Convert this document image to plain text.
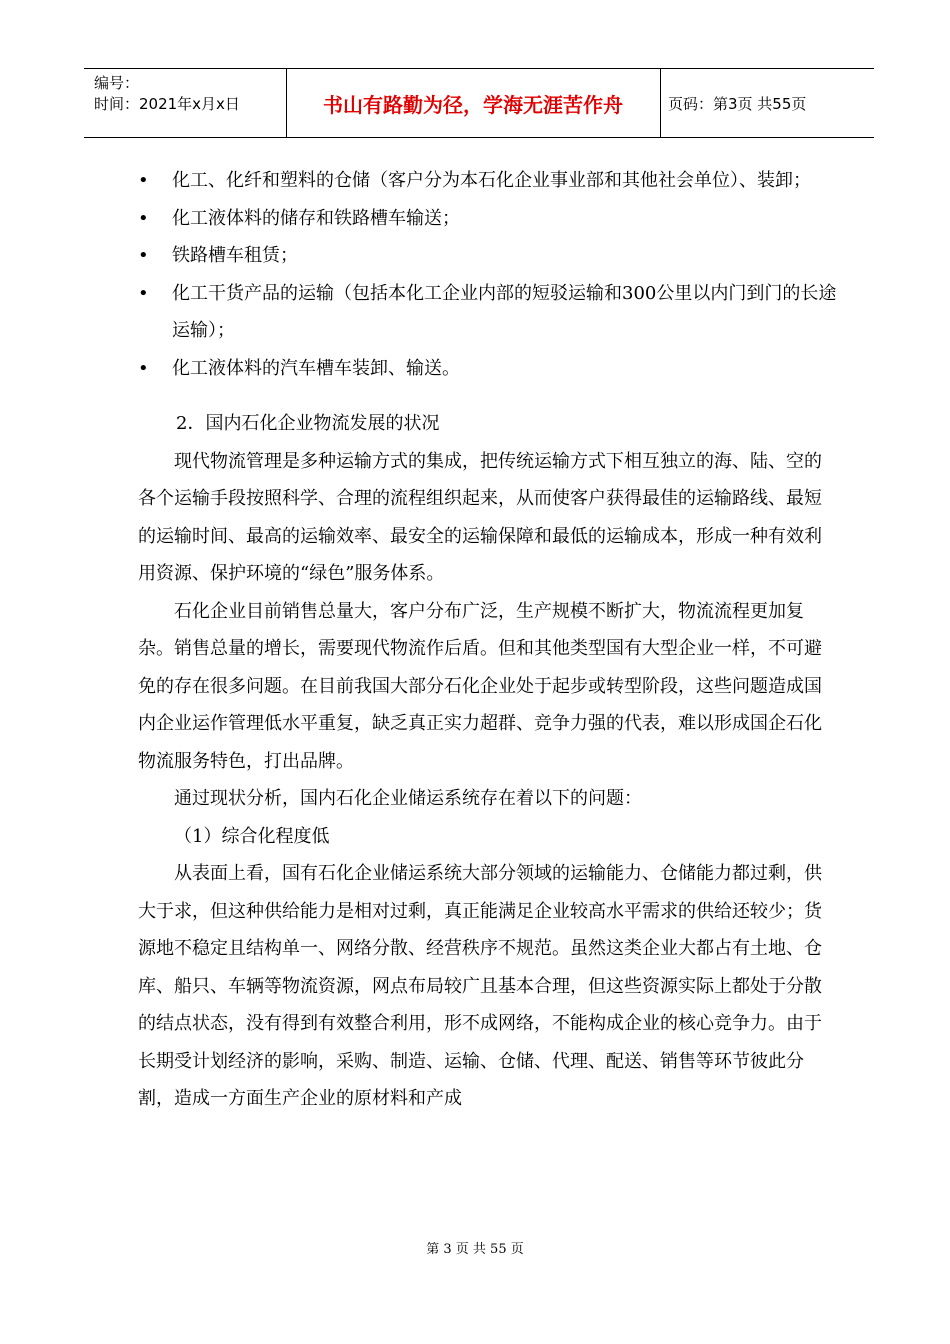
编号：
时间：2021年x月x日	书山有路勤为径，学海无涯苦作舟	页码：第3页 共55页

• 化工、化纤和塑料的仓储（客户分为本石化企业事业部和其他社会单位）、装卸；

• 化工液体料的储存和铁路槽车输送；

• 铁路槽车租赁；

• 化工干货产品的运输（包括本化工企业内部的短驳运输和300公里以内门到门的长途运输）；

• 化工液体料的汽车槽车装卸、输送。

2．国内石化企业物流发展的状况

现代物流管理是多种运输方式的集成，把传统运输方式下相互独立的海、陆、空的各个运输手段按照科学、合理的流程组织起来，从而使客户获得最佳的运输路线、最短的运输时间、最高的运输效率、最安全的运输保障和最低的运输成本，形成一种有效利用资源、保护环境的“绿色”服务体系。

石化企业目前销售总量大，客户分布广泛，生产规模不断扩大，物流流程更加复杂。销售总量的增长，需要现代物流作后盾。但和其他类型国有大型企业一样，不可避免的存在很多问题。在目前我国大部分石化企业处于起步或转型阶段，这些问题造成国内企业运作管理低水平重复，缺乏真正实力超群、竞争力强的代表，难以形成国企石化物流服务特色，打出品牌。

通过现状分析，国内石化企业储运系统存在着以下的问题：

（1）综合化程度低

从表面上看，国有石化企业储运系统大部分领域的运输能力、仓储能力都过剩，供大于求，但这种供给能力是相对过剩，真正能满足企业较高水平需求的供给还较少；货源地不稳定且结构单一、网络分散、经营秩序不规范。虽然这类企业大都占有土地、仓库、船只、车辆等物流资源，网点布局较广且基本合理，但这些资源实际上都处于分散的结点状态，没有得到有效整合利用，形不成网络，不能构成企业的核心竞争力。由于长期受计划经济的影响，采购、制造、运输、仓储、代理、配送、销售等环节彼此分割，造成一方面生产企业的原材料和产成

第 3 页 共 55 页
